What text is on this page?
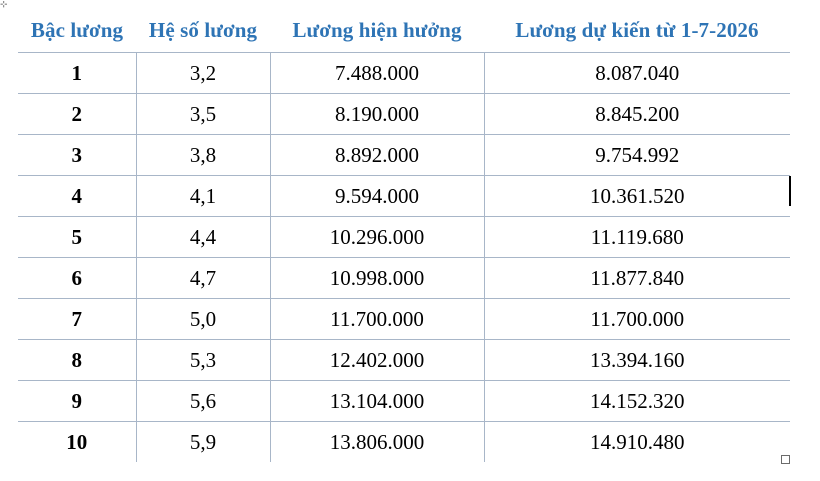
⊹
Bậc lương	Hệ số lương	Lương hiện hưởng	Lương dự kiến từ 1-7-2026
1	3,2	7.488.000	8.087.040
2	3,5	8.190.000	8.845.200
3	3,8	8.892.000	9.754.992
4	4,1	9.594.000	10.361.520
5	4,4	10.296.000	11.119.680
6	4,7	10.998.000	11.877.840
7	5,0	11.700.000	11.700.000
8	5,3	12.402.000	13.394.160
9	5,6	13.104.000	14.152.320
10	5,9	13.806.000	14.910.480
